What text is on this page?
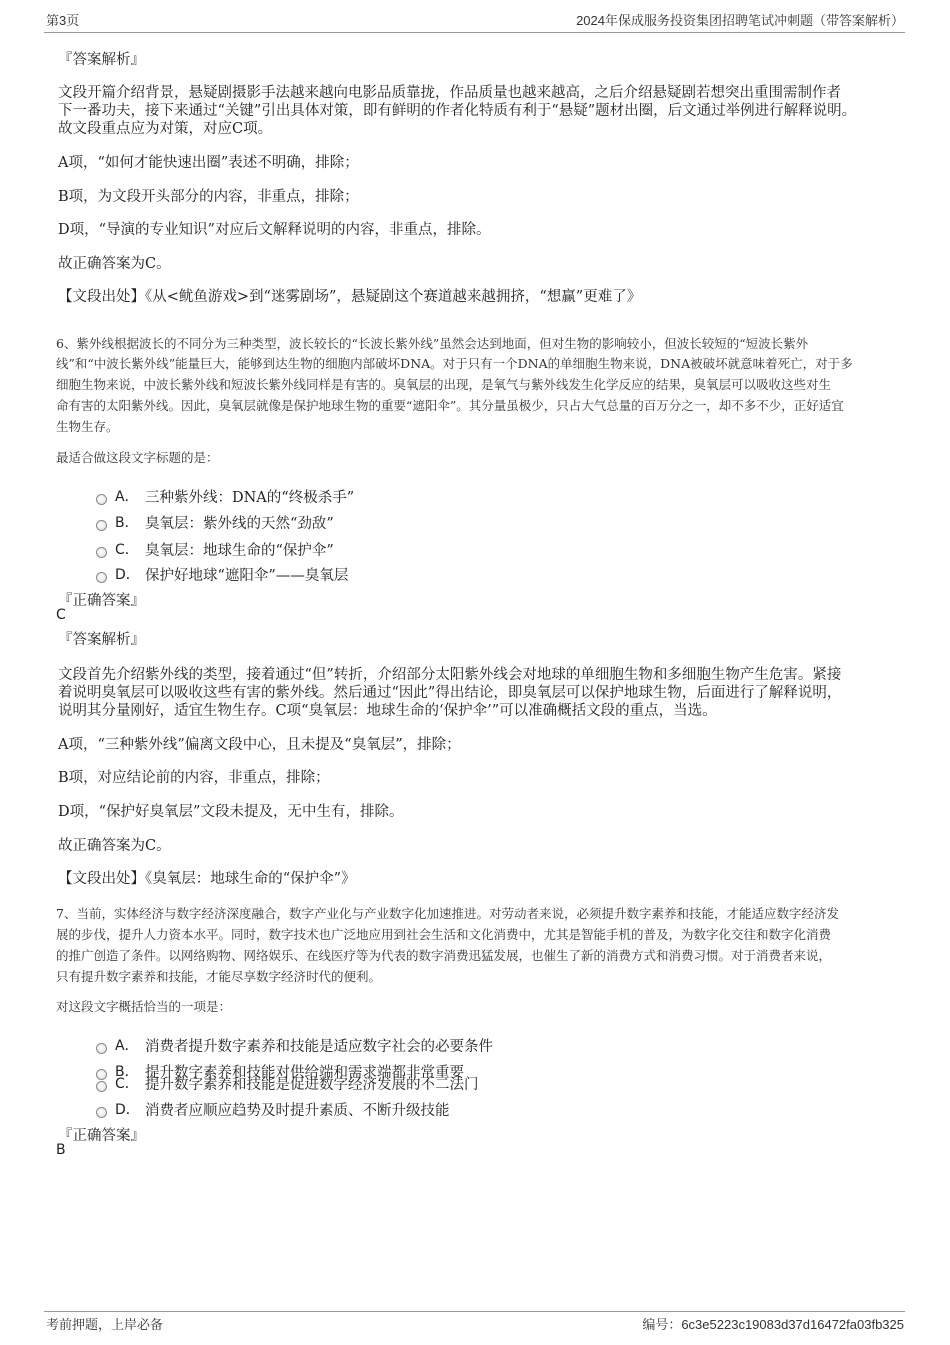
第3页	2024年保成服务投资集团招聘笔试冲刺题（带答案解析）
『答案解析』
文段开篇介绍背景，悬疑剧摄影手法越来越向电影品质靠拢，作品质量也越来越高，之后介绍悬疑剧若想突出重围需制作者
下一番功夫，接下来通过“关键”引出具体对策，即有鲜明的作者化特质有利于“悬疑”题材出圈，后文通过举例进行解释说明。
故文段重点应为对策，对应C项。
A项，“如何才能快速出圈”表述不明确，排除；
B项，为文段开头部分的内容，非重点，排除；
D项，“导演的专业知识”对应后文解释说明的内容，非重点，排除。
故正确答案为C。
【文段出处】《从<鱿鱼游戏>到“迷雾剧场”，悬疑剧这个赛道越来越拥挤，“想赢”更难了》
6、紫外线根据波长的不同分为三种类型，波长较长的“长波长紫外线”虽然会达到地面，但对生物的影响较小，但波长较短的“短波长紫外
线”和“中波长紫外线”能量巨大，能够到达生物的细胞内部破坏DNA。对于只有一个DNA的单细胞生物来说，DNA被破坏就意味着死亡，对于多
细胞生物来说，中波长紫外线和短波长紫外线同样是有害的。臭氧层的出现，是氧气与紫外线发生化学反应的结果，臭氧层可以吸收这些对生
命有害的太阳紫外线。因此，臭氧层就像是保护地球生物的重要“遮阳伞”。其分量虽极少，只占大气总量的百万分之一，却不多不少，正好适宜
生物生存。
最适合做这段文字标题的是：
A． 三种紫外线：DNA的“终极杀手”
B． 臭氧层：紫外线的天然“劲敌”
C． 臭氧层：地球生命的“保护伞”
D． 保护好地球“遮阳伞”——臭氧层
『正确答案』
C
『答案解析』
文段首先介绍紫外线的类型，接着通过“但”转折，介绍部分太阳紫外线会对地球的单细胞生物和多细胞生物产生危害。紧接
着说明臭氧层可以吸收这些有害的紫外线。然后通过“因此”得出结论，即臭氧层可以保护地球生物，后面进行了解释说明，
说明其分量刚好，适宜生物生存。C项“臭氧层：地球生命的‘保护伞’”可以准确概括文段的重点，当选。
A项，“三种紫外线”偏离文段中心，且未提及“臭氧层”，排除；
B项，对应结论前的内容，非重点，排除；
D项，“保护好臭氧层”文段未提及，无中生有，排除。
故正确答案为C。
【文段出处】《臭氧层：地球生命的“保护伞”》
7、当前，实体经济与数字经济深度融合，数字产业化与产业数字化加速推进。对劳动者来说，必须提升数字素养和技能，才能适应数字经济发
展的步伐，提升人力资本水平。同时，数字技术也广泛地应用到社会生活和文化消费中，尤其是智能手机的普及，为数字化交往和数字化消费
的推广创造了条件。以网络购物、网络娱乐、在线医疗等为代表的数字消费迅猛发展，也催生了新的消费方式和消费习惯。对于消费者来说，
只有提升数字素养和技能，才能尽享数字经济时代的便利。
对这段文字概括恰当的一项是：
A． 消费者提升数字素养和技能是适应数字社会的必要条件
B． 提升数字素养和技能对供给端和需求端都非常重要
C． 提升数字素养和技能是促进数字经济发展的不二法门
D． 消费者应顺应趋势及时提升素质、不断升级技能
『正确答案』
B
考前押题，上岸必备	编号：6c3e5223c19083d37d16472fa03fb325
